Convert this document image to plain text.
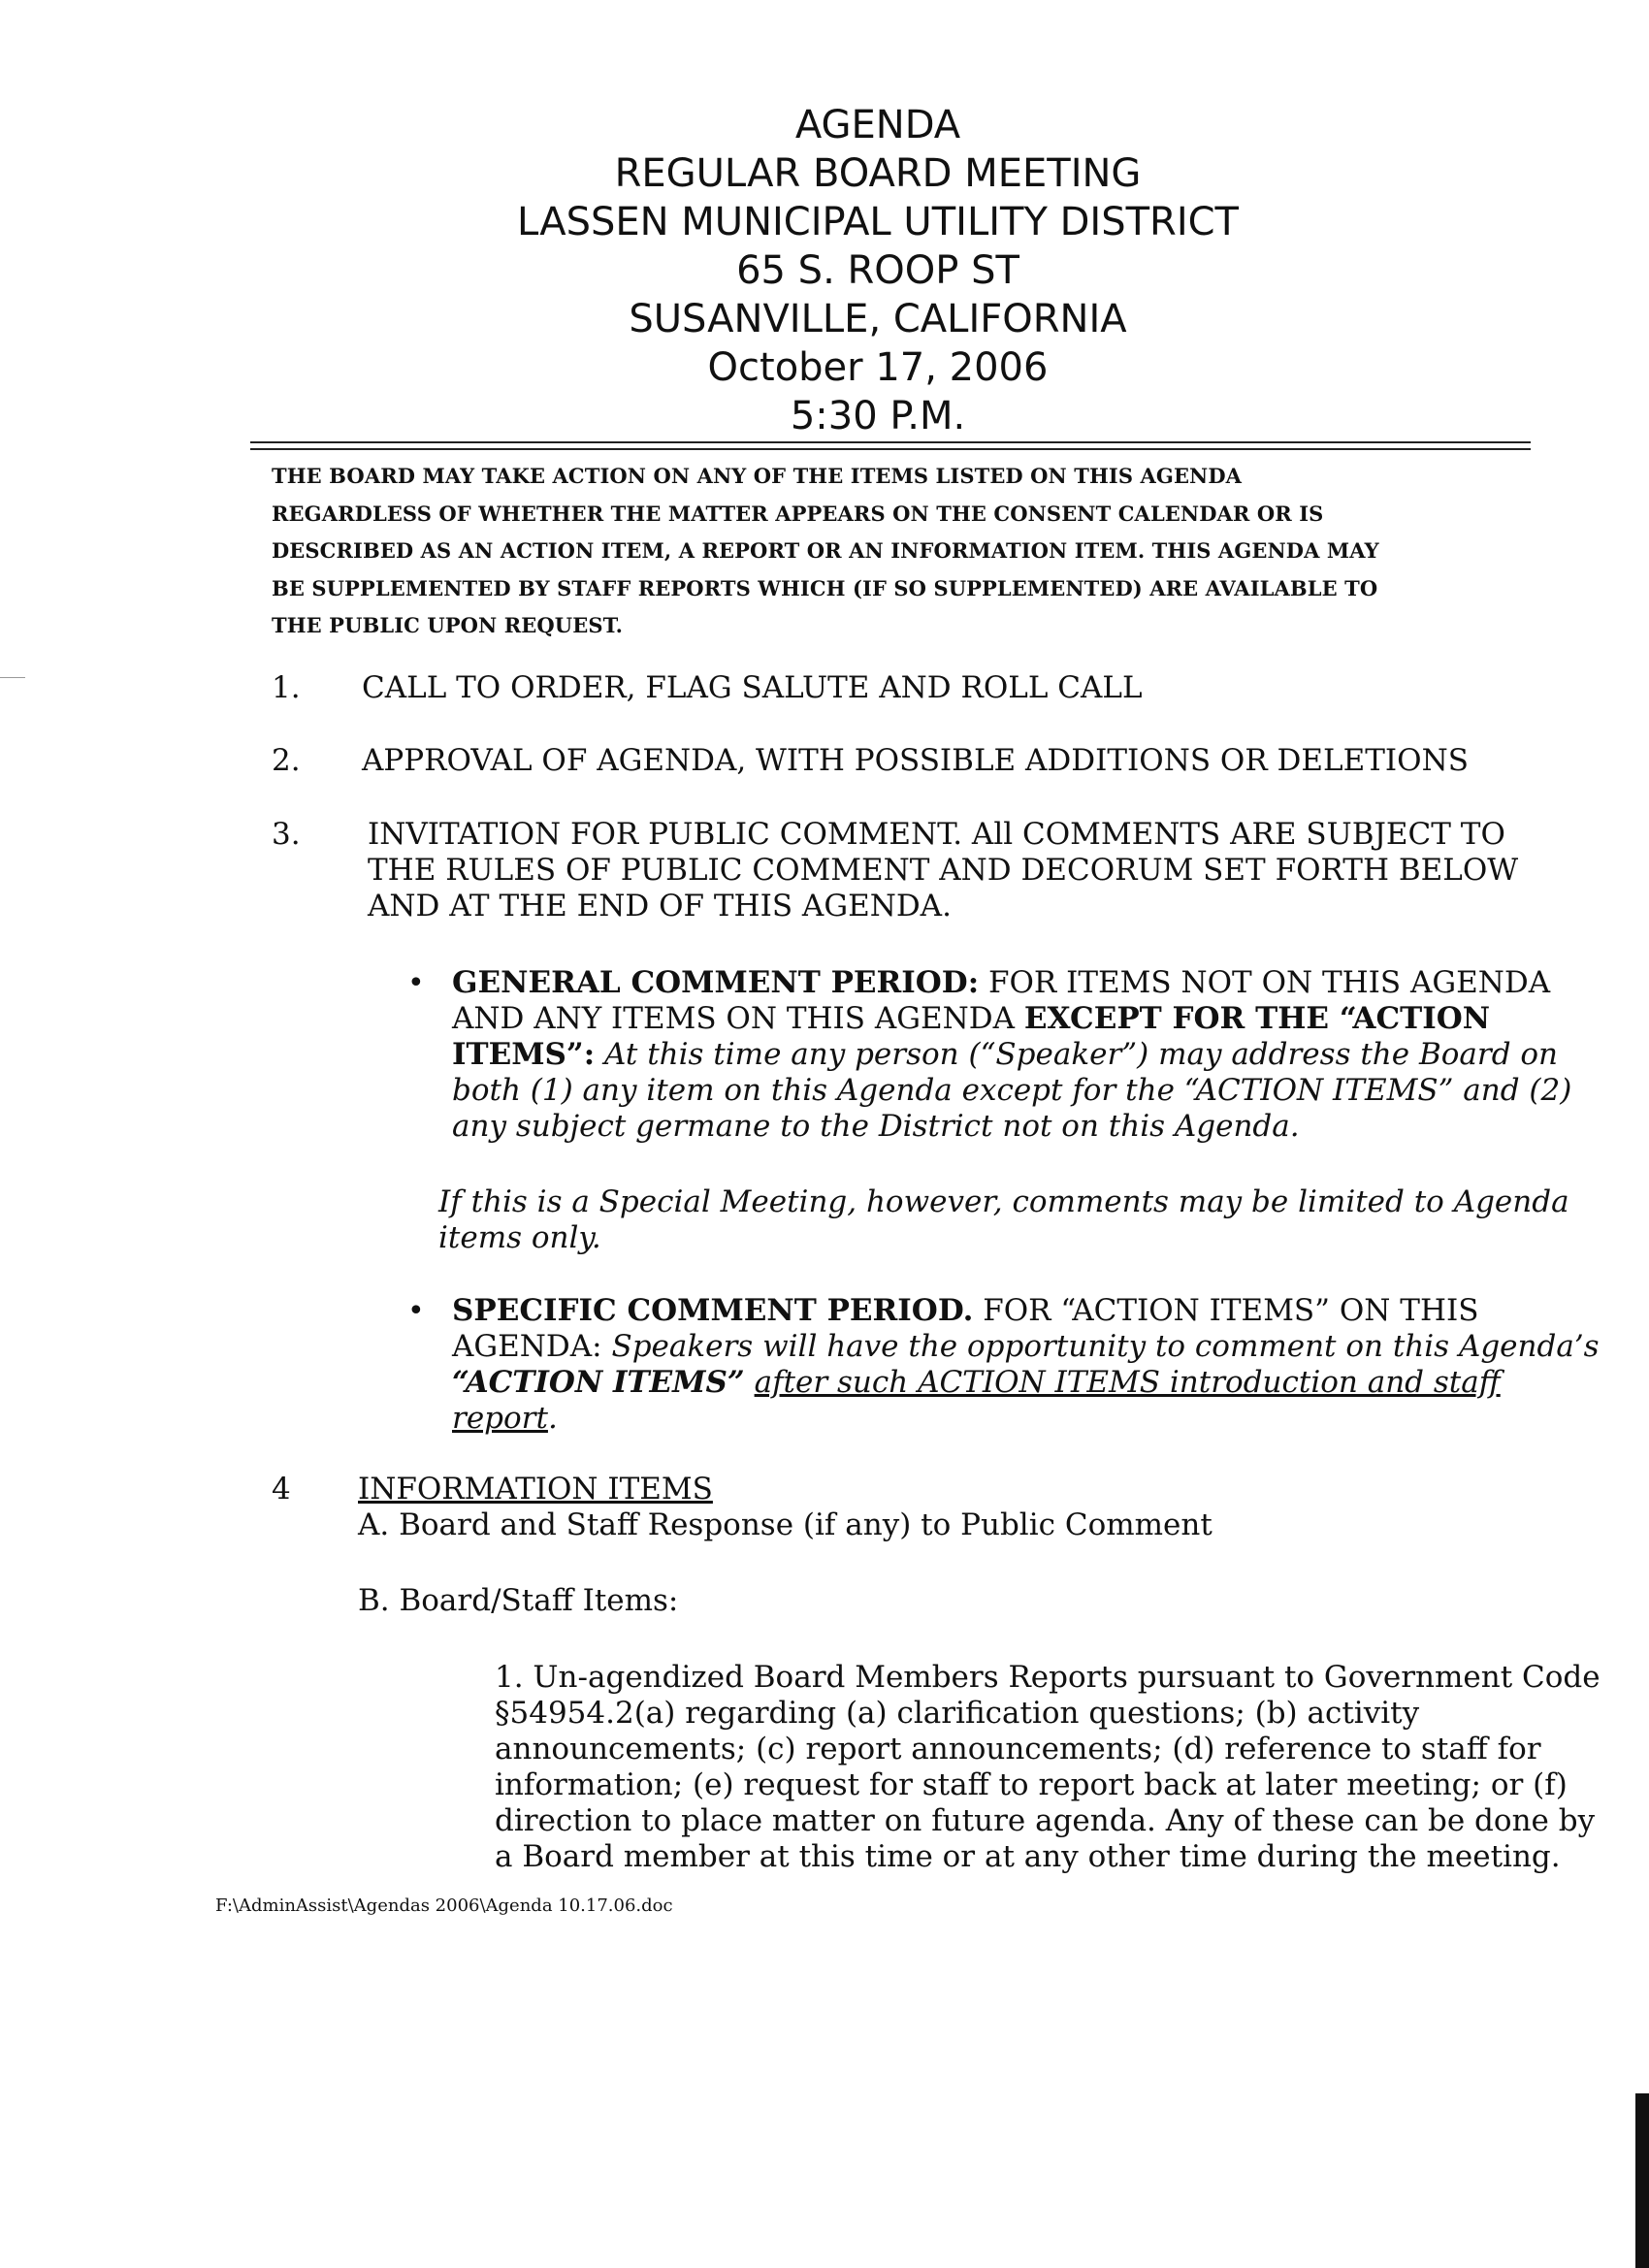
AGENDA
REGULAR BOARD MEETING
LASSEN MUNICIPAL UTILITY DISTRICT
65 S. ROOP ST
SUSANVILLE, CALIFORNIA
October 17, 2006
5:30 P.M.
THE BOARD MAY TAKE ACTION ON ANY OF THE ITEMS LISTED ON THIS AGENDA
REGARDLESS OF WHETHER THE MATTER APPEARS ON THE CONSENT CALENDAR OR IS
DESCRIBED AS AN ACTION ITEM, A REPORT OR AN INFORMATION ITEM. THIS AGENDA MAY
BE SUPPLEMENTED BY STAFF REPORTS WHICH (IF SO SUPPLEMENTED) ARE AVAILABLE TO
THE PUBLIC UPON REQUEST.
1. CALL TO ORDER, FLAG SALUTE AND ROLL CALL
2. APPROVAL OF AGENDA, WITH POSSIBLE ADDITIONS OR DELETIONS
3. INVITATION FOR PUBLIC COMMENT. All COMMENTS ARE SUBJECT TO
THE RULES OF PUBLIC COMMENT AND DECORUM SET FORTH BELOW
AND AT THE END OF THIS AGENDA.
• GENERAL COMMENT PERIOD: FOR ITEMS NOT ON THIS AGENDA
AND ANY ITEMS ON THIS AGENDA EXCEPT FOR THE “ACTION
ITEMS”: At this time any person (“Speaker”) may address the Board on
both (1) any item on this Agenda except for the “ACTION ITEMS” and (2)
any subject germane to the District not on this Agenda.
If this is a Special Meeting, however, comments may be limited to Agenda
items only.
• SPECIFIC COMMENT PERIOD. FOR “ACTION ITEMS” ON THIS
AGENDA: Speakers will have the opportunity to comment on this Agenda’s
“ACTION ITEMS” after such ACTION ITEMS introduction and staff
report.
4 INFORMATION ITEMS
A. Board and Staff Response (if any) to Public Comment
B. Board/Staff Items:
1. Un-agendized Board Members Reports pursuant to Government Code
§54954.2(a) regarding (a) clarification questions; (b) activity
announcements; (c) report announcements; (d) reference to staff for
information; (e) request for staff to report back at later meeting; or (f)
direction to place matter on future agenda. Any of these can be done by
a Board member at this time or at any other time during the meeting.
F:\AdminAssist\Agendas 2006\Agenda 10.17.06.doc
